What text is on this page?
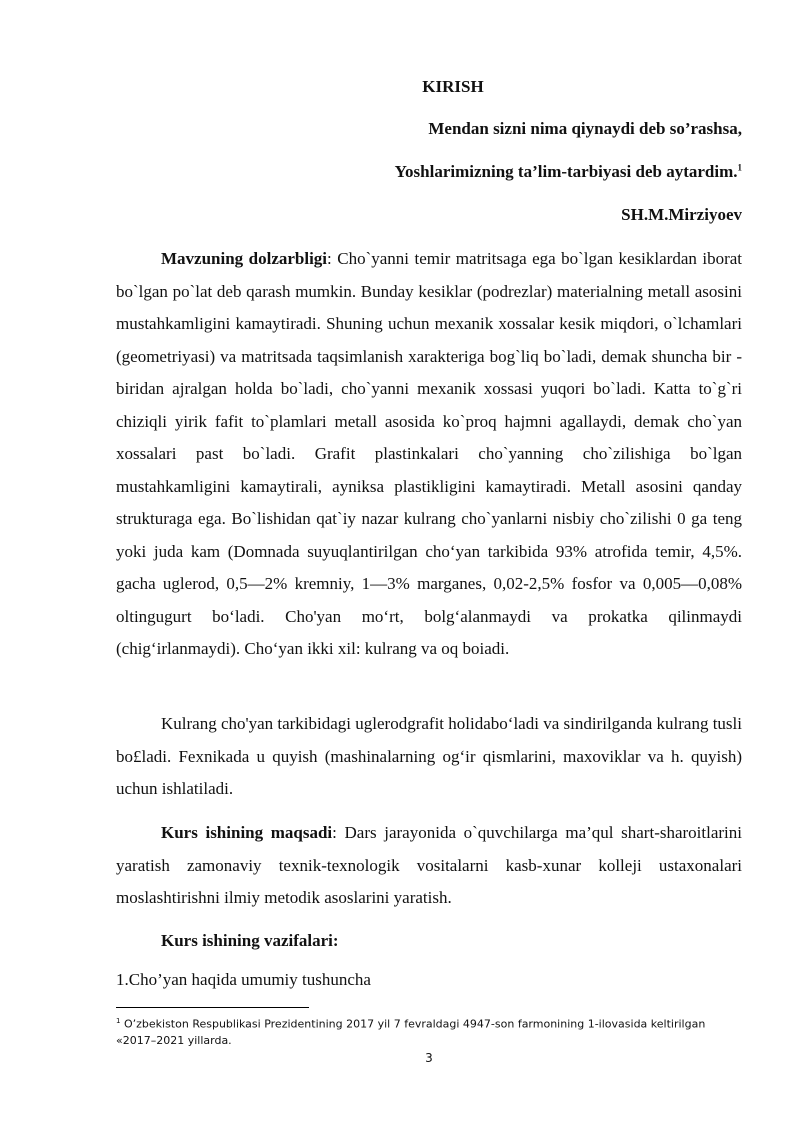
KIRISH
Mendan sizni nima qiynaydi deb so’rashsa,
Yoshlarimizning ta’lim-tarbiyasi deb aytardim.$^1$
SH.M.Mirziyoev

Mavzuning dolzarbligi: Cho`yanni temir matritsaga ega bo`lgan kesiklardan iborat bo`lgan po`lat deb qarash mumkin. Bunday kesiklar (podrezlar) materialning metall asosini mustahkamligini kamaytiradi. Shuning uchun mexanik xossalar kesik miqdori, o`lchamlari (geometriyasi) va matritsada taqsimlanish xarakteriga bog`liq bo`ladi, demak shuncha bir - biridan ajralgan holda bo`ladi, cho`yanni mexanik xossasi yuqori bo`ladi. Katta to`g`ri chiziqli yirik fafit to`plamlari metall asosida ko`proq hajmni agallaydi, demak cho`yan xossalari past bo`ladi. Grafit plastinkalari cho`yanning cho`zilishiga bo`lgan mustahkamligini kamaytirali, ayniksa plastikligini kamaytiradi. Metall asosini qanday strukturaga ega. Bo`lishidan qat`iy nazar kulrang cho`yanlarni nisbiy cho`zilishi 0 ga teng yoki juda kam (Domnada suyuqlantirilgan cho‘yan tarkibida 93% atrofida temir, 4,5%. gacha uglerod, 0,5—2% kremniy, 1—3% marganes, 0,02-2,5% fosfor va 0,005—0,08% oltingugurt bo‘ladi. Cho'yan mo‘rt, bolg‘alanmaydi va prokatka qilinmaydi (chig‘irlanmaydi). Cho‘yan ikki xil: kulrang va oq boiadi.

Kulrang cho'yan tarkibidagi uglerodgrafit holidabo‘ladi va sindirilganda kulrang tusli bo£ladi. Fexnikada u quyish (mashinalarning og‘ir qismlarini, maxoviklar va h. quyish) uchun ishlatiladi.

Kurs ishining maqsadi: Dars jarayonida o`quvchilarga ma’qul shart-sharoitlarini yaratish zamonaviy texnik-texnologik vositalarni kasb-xunar kolleji ustaxonalari moslashtirishni ilmiy metodik asoslarini yaratish.

Kurs ishining vazifalari:

1.Cho’yan haqida umumiy tushuncha
$^1$ O’zbekiston Respublikasi Prezidentining 2017 yil 7 fevraldagi 4947-son farmonining 1-ilovasida keltirilgan «2017–2021 yillarda.
3
